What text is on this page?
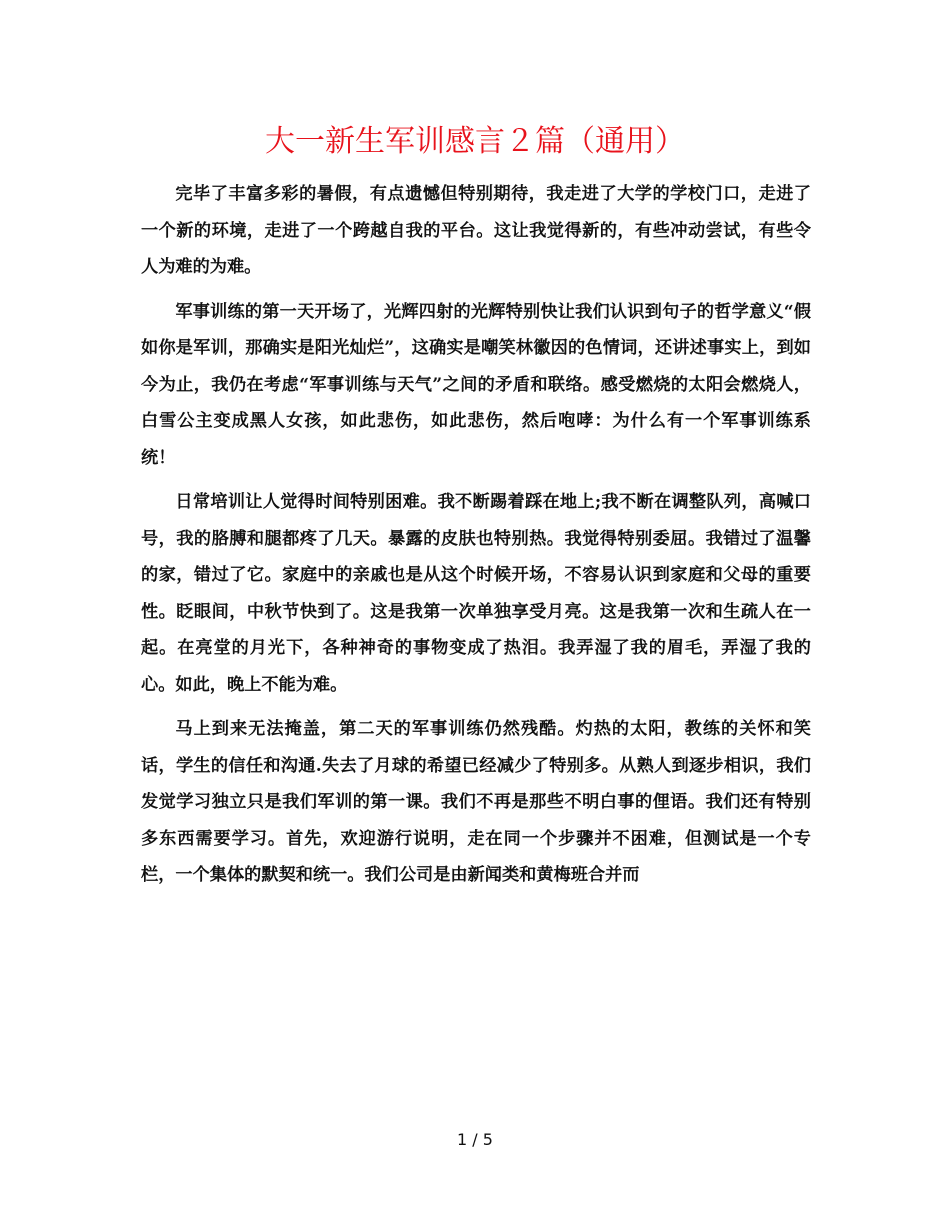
大一新生军训感言２篇（通用）

完毕了丰富多彩的暑假，有点遗憾但特别期待，我走进了大学的学校门口，走进了一个新的环境，走进了一个跨越自我的平台。这让我觉得新的，有些冲动尝试，有些令人为难的为难。

军事训练的第一天开场了，光辉四射的光辉特别快让我们认识到句子的哲学意义“假如你是军训，那确实是阳光灿烂”，这确实是嘲笑林徽因的色情词，还讲述事实上，到如今为止，我仍在考虑“军事训练与天气”之间的矛盾和联络。感受燃烧的太阳会燃烧人，白雪公主变成黑人女孩，如此悲伤，如此悲伤，然后咆哮：为什么有一个军事训练系统！

日常培训让人觉得时间特别困难。我不断踢着踩在地上;我不断在调整队列，高喊口号，我的胳膊和腿都疼了几天。暴露的皮肤也特别热。我觉得特别委屈。我错过了温馨的家，错过了它。家庭中的亲戚也是从这个时候开场，不容易认识到家庭和父母的重要性。眨眼间，中秋节快到了。这是我第一次单独享受月亮。这是我第一次和生疏人在一起。在亮堂的月光下，各种神奇的事物变成了热泪。我弄湿了我的眉毛，弄湿了我的心。如此，晚上不能为难。

马上到来无法掩盖，第二天的军事训练仍然残酷。灼热的太阳，教练的关怀和笑话，学生的信任和沟通.失去了月球的希望已经减少了特别多。从熟人到逐步相识，我们发觉学习独立只是我们军训的第一课。我们不再是那些不明白事的俚语。我们还有特别多东西需要学习。首先，欢迎游行说明，走在同一个步骤并不困难，但测试是一个专栏，一个集体的默契和统一。我们公司是由新闻类和黄梅班合并而

1 / 5
